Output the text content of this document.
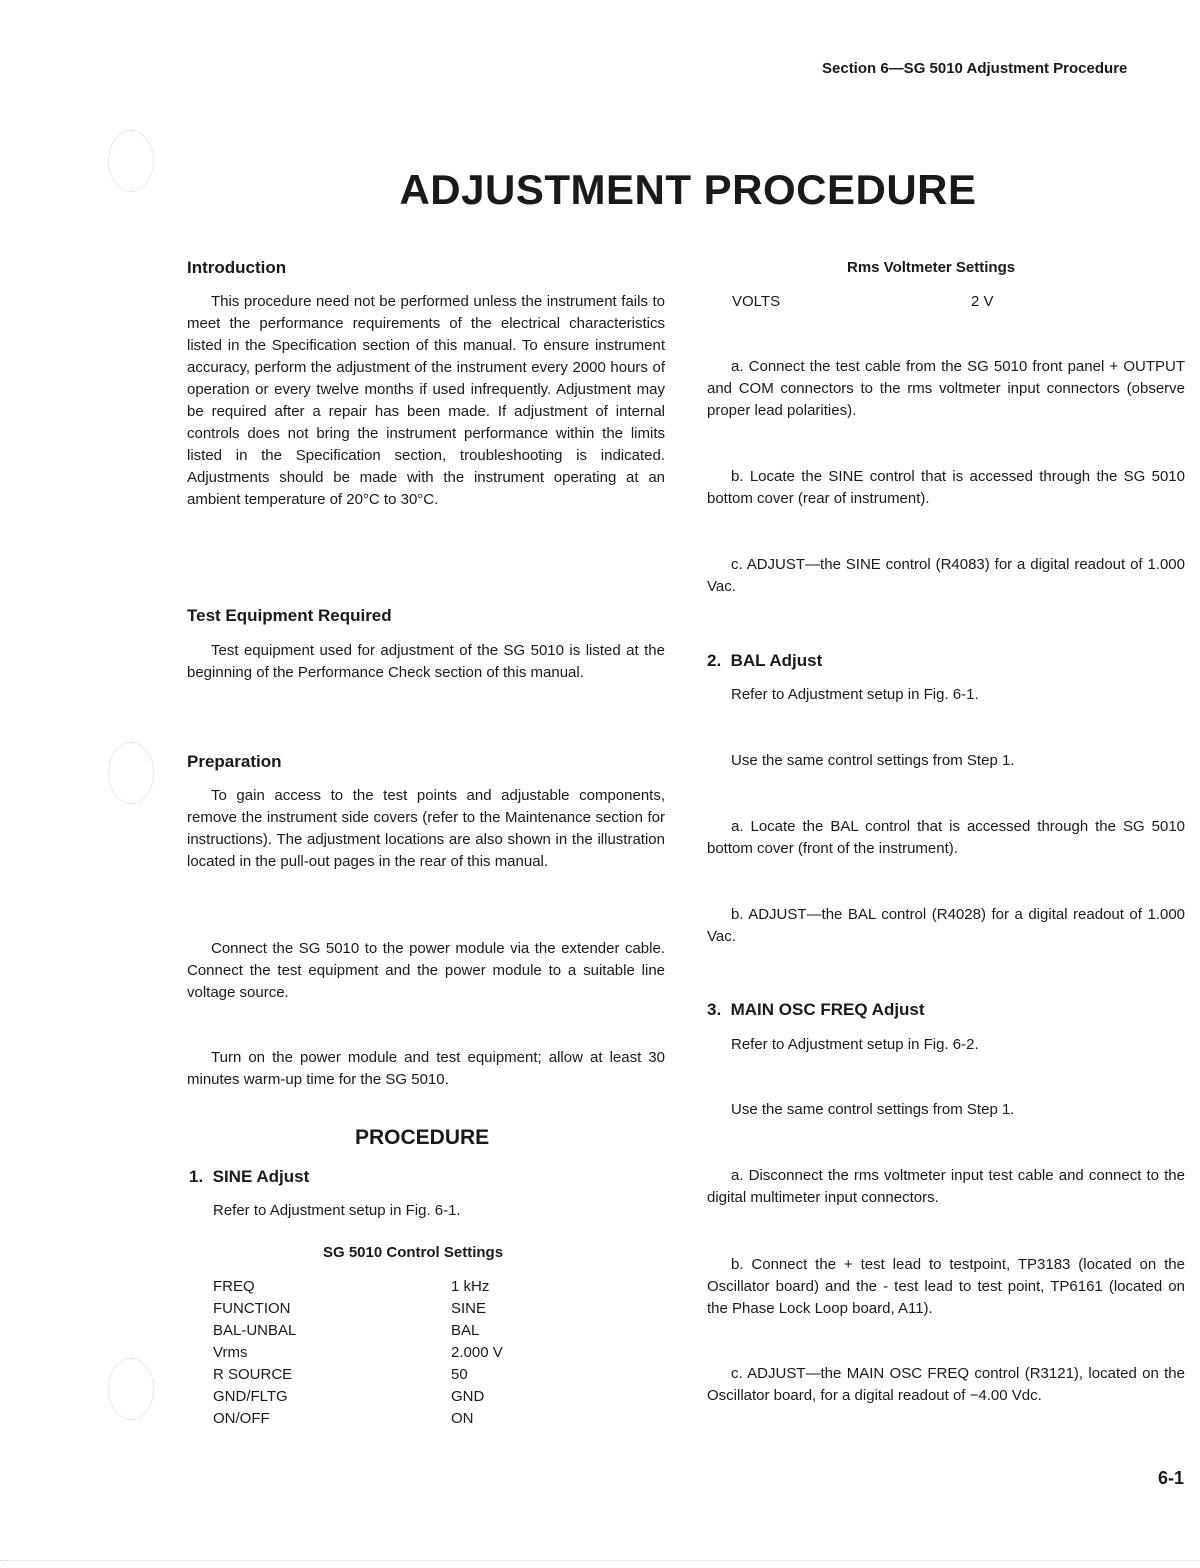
Section 6—SG 5010 Adjustment Procedure
ADJUSTMENT PROCEDURE
Introduction

This procedure need not be performed unless the instrument fails to meet the performance requirements of the electrical characteristics listed in the Specification section of this manual. To ensure instrument accuracy, perform the adjustment of the instrument every 2000 hours of operation or every twelve months if used infrequently. Adjustment may be required after a repair has been made. If adjustment of internal controls does not bring the instrument performance within the limits listed in the Specification section, troubleshooting is indicated. Adjustments should be made with the instrument operating at an ambient temperature of 20°C to 30°C.

Test Equipment Required

Test equipment used for adjustment of the SG 5010 is listed at the beginning of the Performance Check section of this manual.

Preparation

To gain access to the test points and adjustable components, remove the instrument side covers (refer to the Maintenance section for instructions). The adjustment locations are also shown in the illustration located in the pull-out pages in the rear of this manual.

Connect the SG 5010 to the power module via the extender cable. Connect the test equipment and the power module to a suitable line voltage source.

Turn on the power module and test equipment; allow at least 30 minutes warm-up time for the SG 5010.

PROCEDURE
1.  SINE Adjust

Refer to Adjustment setup in Fig. 6-1.

SG 5010 Control Settings
FREQ	1 kHz
FUNCTION	SINE
BAL-UNBAL	BAL
Vrms	2.000 V
R SOURCE	50
GND/FLTG	GND
ON/OFF	ON
Rms Voltmeter Settings

VOLTS	2 V

a. Connect the test cable from the SG 5010 front panel + OUTPUT and COM connectors to the rms voltmeter input connectors (observe proper lead polarities).

b. Locate the SINE control that is accessed through the SG 5010 bottom cover (rear of instrument).

c. ADJUST—the SINE control (R4083) for a digital readout of 1.000 Vac.

2.  BAL Adjust

Refer to Adjustment setup in Fig. 6-1.

Use the same control settings from Step 1.

a. Locate the BAL control that is accessed through the SG 5010 bottom cover (front of the instrument).

b. ADJUST—the BAL control (R4028) for a digital readout of 1.000 Vac.

3.  MAIN OSC FREQ Adjust

Refer to Adjustment setup in Fig. 6-2.

Use the same control settings from Step 1.

a. Disconnect the rms voltmeter input test cable and connect to the digital multimeter input connectors.

b. Connect the + test lead to testpoint, TP3183 (located on the Oscillator board) and the - test lead to test point, TP6161 (located on the Phase Lock Loop board, A11).

c. ADJUST—the MAIN OSC FREQ control (R3121), located on the Oscillator board, for a digital readout of −4.00 Vdc.

6-1
